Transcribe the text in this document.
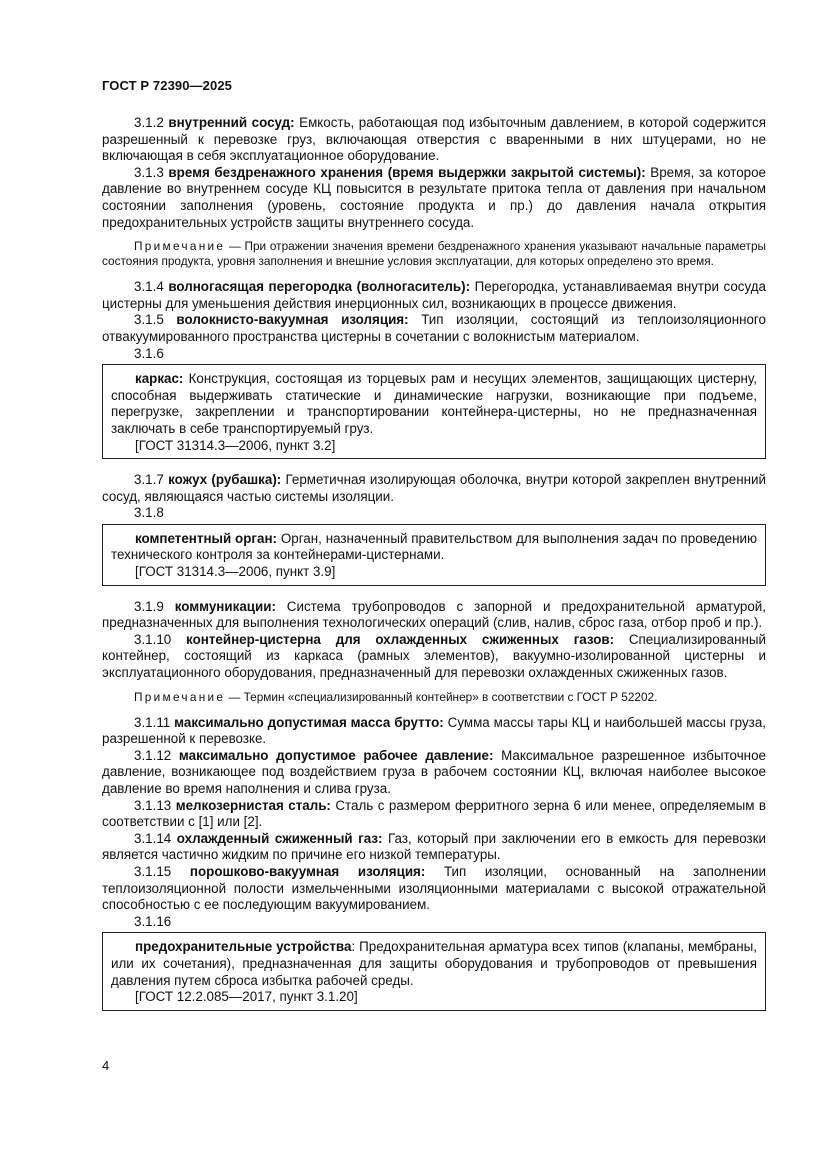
ГОСТ Р 72390—2025

3.1.2 внутренний сосуд: Емкость, работающая под избыточным давлением, в которой содержится разрешенный к перевозке груз, включающая отверстия с вваренными в них штуцерами, но не включающая в себя эксплуатационное оборудование.

3.1.3 время бездренажного хранения (время выдержки закрытой системы): Время, за которое давление во внутреннем сосуде КЦ повысится в результате притока тепла от давления при начальном состоянии заполнения (уровень, состояние продукта и пр.) до давления начала открытия предохранительных устройств защиты внутреннего сосуда.

Примечание — При отражении значения времени бездренажного хранения указывают начальные параметры состояния продукта, уровня заполнения и внешние условия эксплуатации, для которых определено это время.

3.1.4 волногасящая перегородка (волногаситель): Перегородка, устанавливаемая внутри сосуда цистерны для уменьшения действия инерционных сил, возникающих в процессе движения.

3.1.5 волокнисто-вакуумная изоляция: Тип изоляции, состоящий из теплоизоляционного отвакуумированного пространства цистерны в сочетании с волокнистым материалом.

3.1.6

каркас: Конструкция, состоящая из торцевых рам и несущих элементов, защищающих цистерну, способная выдерживать статические и динамические нагрузки, возникающие при подъеме, перегрузке, закреплении и транспортировании контейнера-цистерны, но не предназначенная заключать в себе транспортируемый груз.

[ГОСТ 31314.3—2006, пункт 3.2]

3.1.7 кожух (рубашка): Герметичная изолирующая оболочка, внутри которой закреплен внутренний сосуд, являющаяся частью системы изоляции.

3.1.8

компетентный орган: Орган, назначенный правительством для выполнения задач по проведению технического контроля за контейнерами-цистернами.

[ГОСТ 31314.3—2006, пункт 3.9]

3.1.9 коммуникации: Система трубопроводов с запорной и предохранительной арматурой, предназначенных для выполнения технологических операций (слив, налив, сброс газа, отбор проб и пр.).

3.1.10 контейнер-цистерна для охлажденных сжиженных газов: Специализированный контейнер, состоящий из каркаса (рамных элементов), вакуумно-изолированной цистерны и эксплуатационного оборудования, предназначенный для перевозки охлажденных сжиженных газов.

Примечание — Термин «специализированный контейнер» в соответствии с ГОСТ Р 52202.

3.1.11 максимально допустимая масса брутто: Сумма массы тары КЦ и наибольшей массы груза, разрешенной к перевозке.

3.1.12 максимально допустимое рабочее давление: Максимальное разрешенное избыточное давление, возникающее под воздействием груза в рабочем состоянии КЦ, включая наиболее высокое давление во время наполнения и слива груза.

3.1.13 мелкозернистая сталь: Сталь с размером ферритного зерна 6 или менее, определяемым в соответствии с [1] или [2].

3.1.14 охлажденный сжиженный газ: Газ, который при заключении его в емкость для перевозки является частично жидким по причине его низкой температуры.

3.1.15 порошково-вакуумная изоляция: Тип изоляции, основанный на заполнении теплоизоляционной полости измельченными изоляционными материалами с высокой отражательной способностью с ее последующим вакуумированием.

3.1.16

предохранительные устройства: Предохранительная арматура всех типов (клапаны, мембраны, или их сочетания), предназначенная для защиты оборудования и трубопроводов от превышения давления путем сброса избытка рабочей среды.

[ГОСТ 12.2.085—2017, пункт 3.1.20]

4
